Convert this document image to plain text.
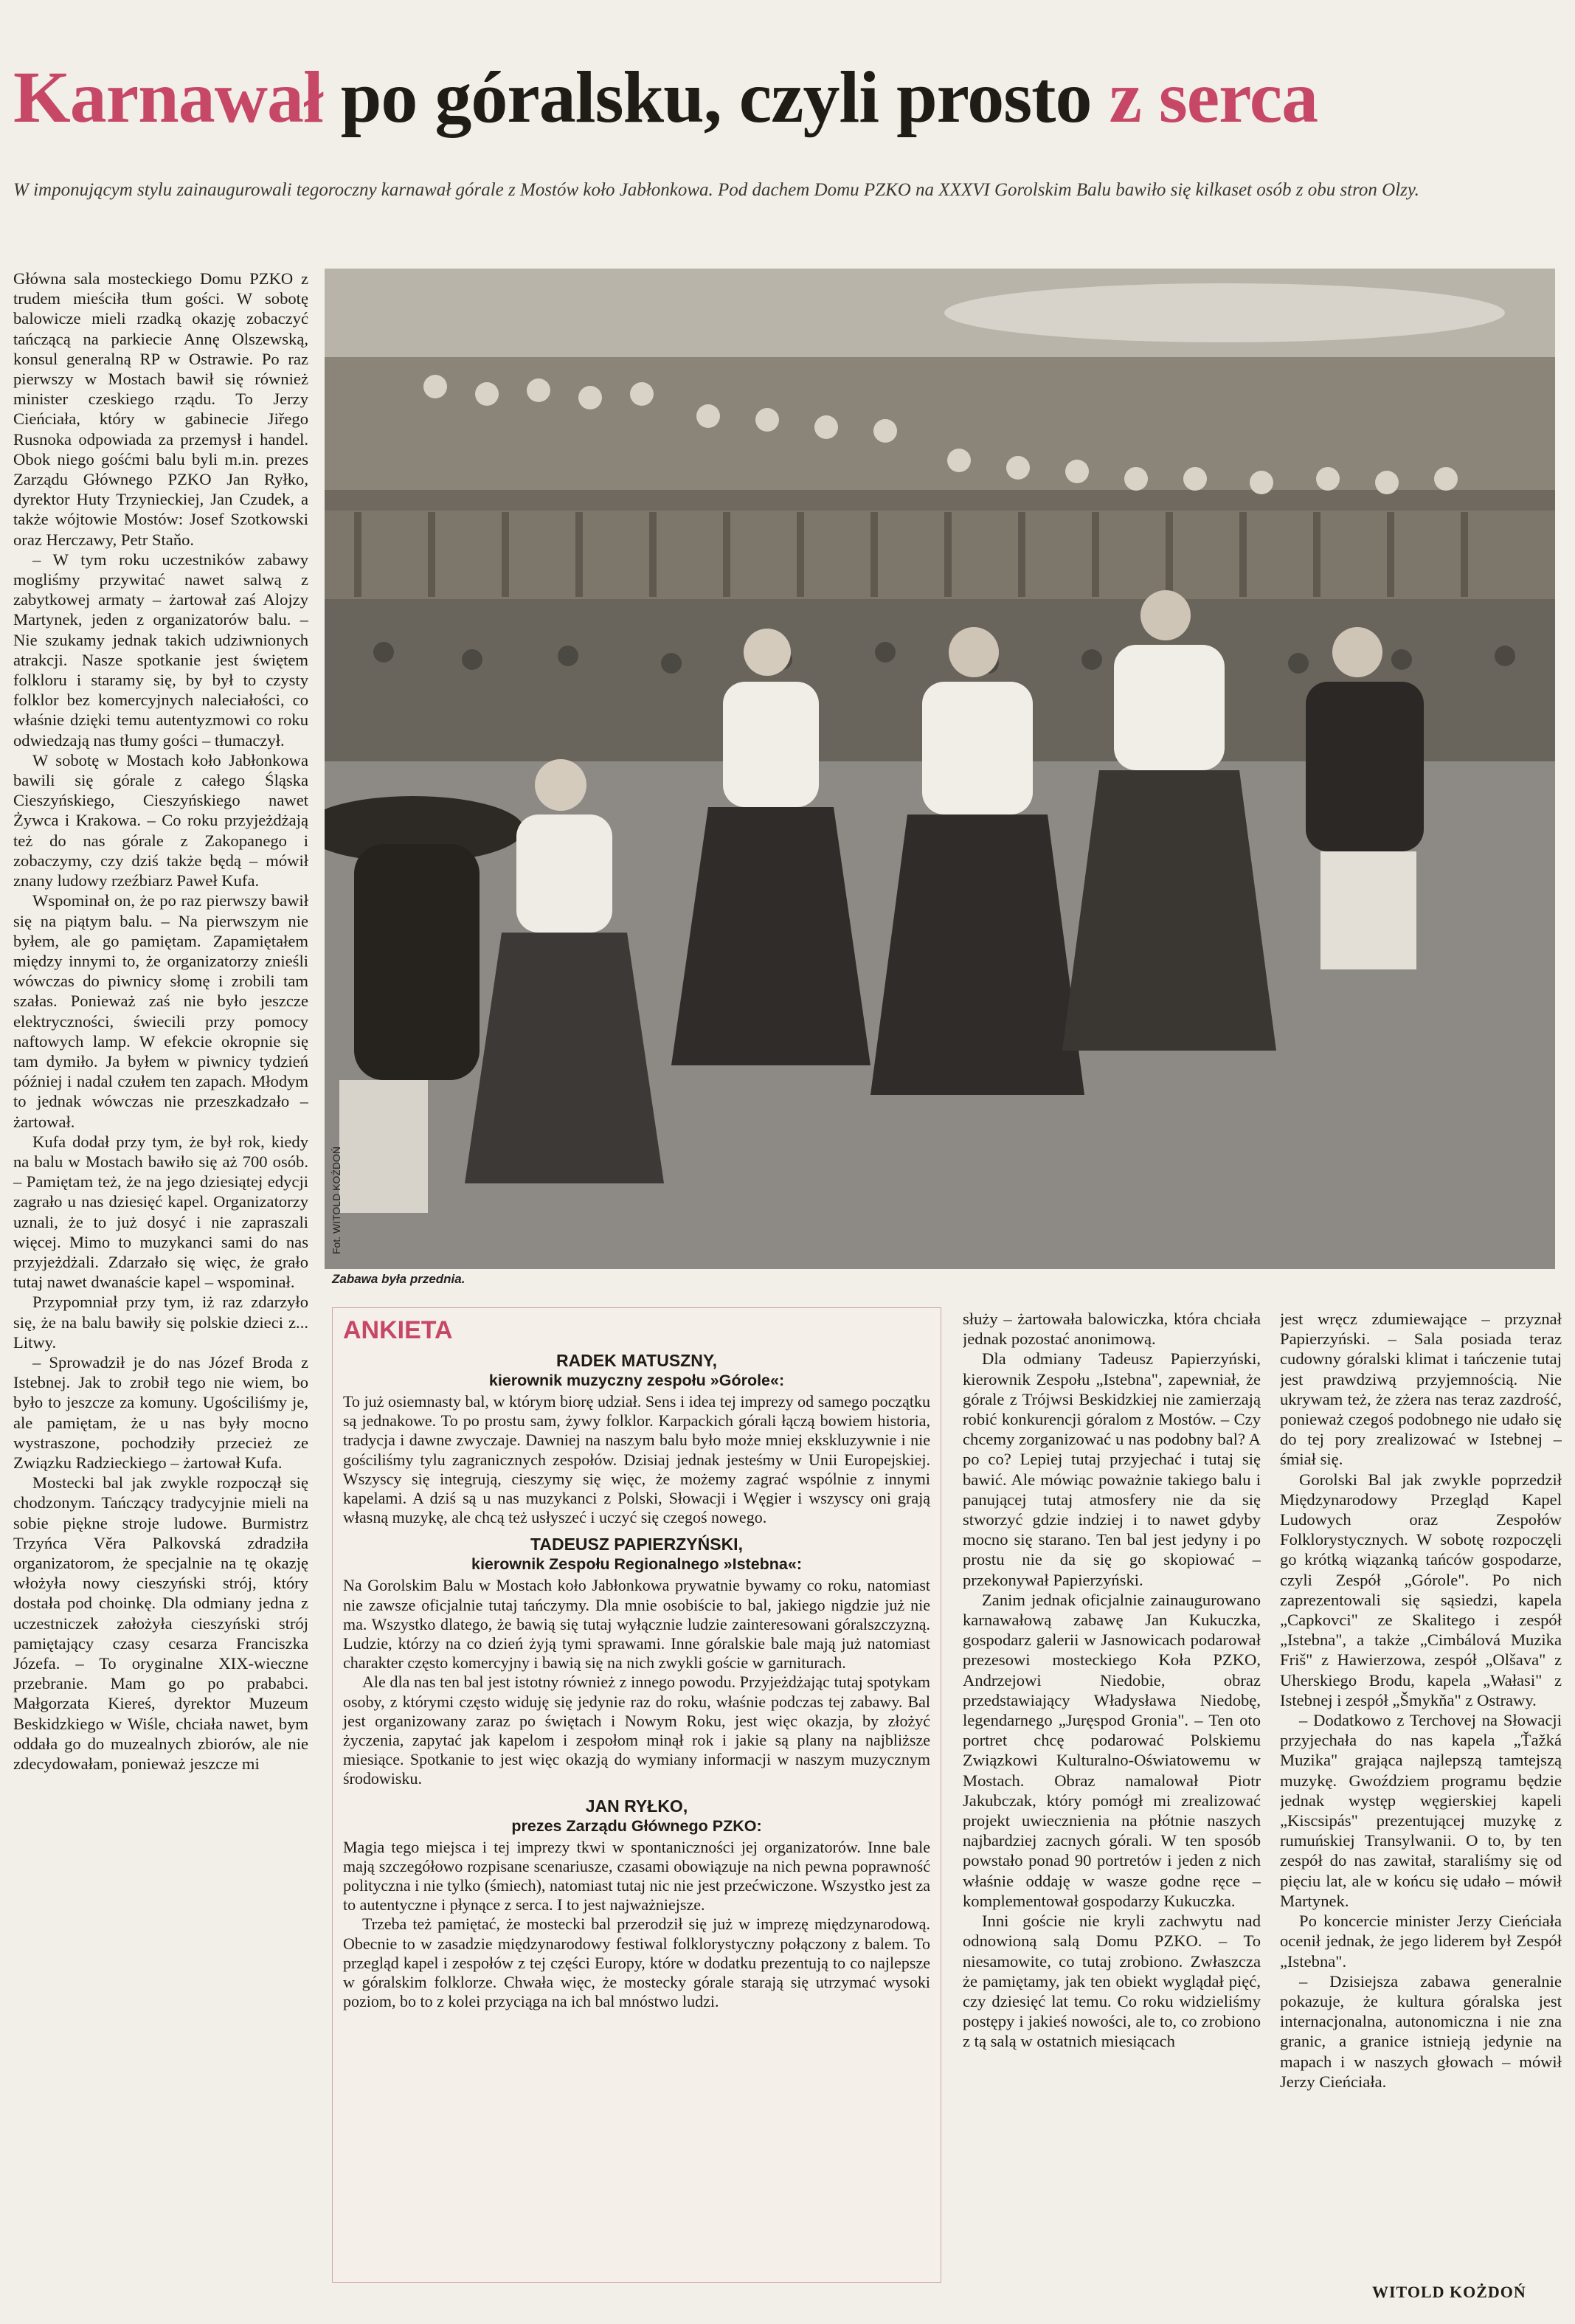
Karnawał po góralsku, czyli prosto z serca
W imponującym stylu zainaugurowali tegoroczny karnawał górale z Mostów koło Jabłonkowa. Pod dachem Domu PZKO na XXXVI Gorolskim Balu bawiło się kilkaset osób z obu stron Olzy.

Główna sala mosteckiego Domu PZKO z trudem mieściła tłum gości. W sobotę balowicze mieli rzadką okazję zobaczyć tańczącą na parkiecie Annę Olszewską, konsul generalną RP w Ostrawie. Po raz pierwszy w Mostach bawił się również minister czeskiego rządu. To Jerzy Cieńciała, który w gabinecie Jiřego Rusnoka odpowiada za przemysł i handel. Obok niego gośćmi balu byli m.in. prezes Zarządu Głównego PZKO Jan Ryłko, dyrektor Huty Trzynieckiej, Jan Czudek, a także wójtowie Mostów: Josef Szotkowski oraz Herczawy, Petr Staňo.

– W tym roku uczestników zabawy mogliśmy przywitać nawet salwą z zabytkowej armaty – żartował zaś Alojzy Martynek, jeden z organizatorów balu. – Nie szukamy jednak takich udziwnionych atrakcji. Nasze spotkanie jest świętem folkloru i staramy się, by był to czysty folklor bez komercyjnych naleciałości, co właśnie dzięki temu autentyzmowi co roku odwiedzają nas tłumy gości – tłumaczył.

W sobotę w Mostach koło Jabłonkowa bawili się górale z całego Śląska Cieszyńskiego, Cieszyńskiego nawet Żywca i Krakowa. – Co roku przyjeżdżają też do nas górale z Zakopanego i zobaczymy, czy dziś także będą – mówił znany ludowy rzeźbiarz Paweł Kufa.

Wspominał on, że po raz pierwszy bawił się na piątym balu. – Na pierwszym nie byłem, ale go pamiętam. Zapamiętałem między innymi to, że organizatorzy znieśli wówczas do piwnicy słomę i zrobili tam szałas. Ponieważ zaś nie było jeszcze elektryczności, świecili przy pomocy naftowych lamp. W efekcie okropnie się tam dymiło. Ja byłem w piwnicy tydzień później i nadal czułem ten zapach. Młodym to jednak wówczas nie przeszkadzało – żartował.

Kufa dodał przy tym, że był rok, kiedy na balu w Mostach bawiło się aż 700 osób. – Pamiętam też, że na jego dziesiątej edycji zagrało u nas dziesięć kapel. Organizatorzy uznali, że to już dosyć i nie zapraszali więcej. Mimo to muzykanci sami do nas przyjeżdżali. Zdarzało się więc, że grało tutaj nawet dwanaście kapel – wspominał.

Przypomniał przy tym, iż raz zdarzyło się, że na balu bawiły się polskie dzieci z... Litwy.

– Sprowadził je do nas Józef Broda z Istebnej. Jak to zrobił tego nie wiem, bo było to jeszcze za komuny. Ugościliśmy je, ale pamiętam, że u nas były mocno wystraszone, pochodziły przecież ze Związku Radzieckiego – żartował Kufa.

Mostecki bal jak zwykle rozpoczął się chodzonym. Tańczący tradycyjnie mieli na sobie piękne stroje ludowe. Burmistrz Trzyńca Věra Palkovská zdradziła organizatorom, że specjalnie na tę okazję włożyła nowy cieszyński strój, który dostała pod choinkę. Dla odmiany jedna z uczestniczek założyła cieszyński strój pamiętający czasy cesarza Franciszka Józefa. – To oryginalne XIX-wieczne przebranie. Mam go po prababci. Małgorzata Kiereś, dyrektor Muzeum Beskidzkiego w Wiśle, chciała nawet, bym oddała go do muzealnych zbiorów, ale nie zdecydowałam, ponieważ jeszcze mi

Fot. WITOLD KOŻDOŃ
Zabawa była przednia.
ANKIETA
RADEK MATUSZNY,
kierownik muzyczny zespołu »Górole«:

To już osiemnasty bal, w którym biorę udział. Sens i idea tej imprezy od samego początku są jednakowe. To po prostu sam, żywy folklor. Karpackich górali łączą bowiem historia, tradycja i dawne zwyczaje. Dawniej na naszym balu było może mniej ekskluzywnie i nie gościliśmy tylu zagranicznych zespołów. Dzisiaj jednak jesteśmy w Unii Europejskiej. Wszyscy się integrują, cieszymy się więc, że możemy zagrać wspólnie z innymi kapelami. A dziś są u nas muzykanci z Polski, Słowacji i Węgier i wszyscy oni grają własną muzykę, ale chcą też usłyszeć i uczyć się czegoś nowego.

TADEUSZ PAPIERZYŃSKI,
kierownik Zespołu Regionalnego »Istebna«:

Na Gorolskim Balu w Mostach koło Jabłonkowa prywatnie bywamy co roku, natomiast nie zawsze oficjalnie tutaj tańczymy. Dla mnie osobiście to bal, jakiego nigdzie już nie ma. Wszystko dlatego, że bawią się tutaj wyłącznie ludzie zainteresowani góralszczyzną. Ludzie, którzy na co dzień żyją tymi sprawami. Inne góralskie bale mają już natomiast charakter często komercyjny i bawią się na nich zwykli goście w garniturach.

Ale dla nas ten bal jest istotny również z innego powodu. Przyjeżdżając tutaj spotykam osoby, z którymi często widuję się jedynie raz do roku, właśnie podczas tej zabawy. Bal jest organizowany zaraz po świętach i Nowym Roku, jest więc okazja, by złożyć życzenia, zapytać jak kapelom i zespołom minął rok i jakie są plany na najbliższe miesiące. Spotkanie to jest więc okazją do wymiany informacji w naszym muzycznym środowisku.

JAN RYŁKO,
prezes Zarządu Głównego PZKO:

Magia tego miejsca i tej imprezy tkwi w spontaniczności jej organizatorów. Inne bale mają szczegółowo rozpisane scenariusze, czasami obowiązuje na nich pewna poprawność polityczna i nie tylko (śmiech), natomiast tutaj nic nie jest przećwiczone. Wszystko jest za to autentyczne i płynące z serca. I to jest najważniejsze.

Trzeba też pamiętać, że mostecki bal przerodził się już w imprezę międzynarodową. Obecnie to w zasadzie międzynarodowy festiwal folklorystyczny połączony z balem. To przegląd kapel i zespołów z tej części Europy, które w dodatku prezentują to co najlepsze w góralskim folklorze. Chwała więc, że mostecky górale starają się utrzymać wysoki poziom, bo to z kolei przyciąga na ich bal mnóstwo ludzi.

służy – żartowała balowiczka, która chciała jednak pozostać anonimową.

Dla odmiany Tadeusz Papierzyński, kierownik Zespołu „Istebna", zapewniał, że górale z Trójwsi Beskidzkiej nie zamierzają robić konkurencji góralom z Mostów. – Czy chcemy zorganizować u nas podobny bal? A po co? Lepiej tutaj przyjechać i tutaj się bawić. Ale mówiąc poważnie takiego balu i panującej tutaj atmosfery nie da się stworzyć gdzie indziej i to nawet gdyby mocno się starano. Ten bal jest jedyny i po prostu nie da się go skopiować – przekonywał Papierzyński.

Zanim jednak oficjalnie zainaugurowano karnawałową zabawę Jan Kukuczka, gospodarz galerii w Jasnowicach podarował prezesowi mosteckiego Koła PZKO, Andrzejowi Niedobie, obraz przedstawiający Władysława Niedobę, legendarnego „Juręspod Gronia". – Ten oto portret chcę podarować Polskiemu Związkowi Kulturalno-Oświatowemu w Mostach. Obraz namalował Piotr Jakubczak, który pomógł mi zrealizować projekt uwiecznienia na płótnie naszych najbardziej zacnych górali. W ten sposób powstało ponad 90 portretów i jeden z nich właśnie oddaję w wasze godne ręce – komplementował gospodarzy Kukuczka.

Inni goście nie kryli zachwytu nad odnowioną salą Domu PZKO. – To niesamowite, co tutaj zrobiono. Zwłaszcza że pamiętamy, jak ten obiekt wyglądał pięć, czy dziesięć lat temu. Co roku widzieliśmy postępy i jakieś nowości, ale to, co zrobiono z tą salą w ostatnich miesiącach

jest wręcz zdumiewające – przyznał Papierzyński. – Sala posiada teraz cudowny góralski klimat i tańczenie tutaj jest prawdziwą przyjemnością. Nie ukrywam też, że zżera nas teraz zazdrość, ponieważ czegoś podobnego nie udało się do tej pory zrealizować w Istebnej – śmiał się.

Gorolski Bal jak zwykle poprzedził Międzynarodowy Przegląd Kapel Ludowych oraz Zespołów Folklorystycznych. W sobotę rozpoczęli go krótką wiązanką tańców gospodarze, czyli Zespół „Górole". Po nich zaprezentowali się sąsiedzi, kapela „Capkovci" ze Skalitego i zespół „Istebna", a także „Cimbálová Muzika Friš" z Hawierzowa, zespół „Olšava" z Uherskiego Brodu, kapela „Wałasi" z Istebnej i zespół „Šmykňa" z Ostrawy.

– Dodatkowo z Terchovej na Słowacji przyjechała do nas kapela „Ťažká Muzika" grająca najlepszą tamtejszą muzykę. Gwoździem programu będzie jednak występ węgierskiej kapeli „Kiscsipás" prezentującej muzykę z rumuńskiej Transylwanii. O to, by ten zespół do nas zawitał, staraliśmy się od pięciu lat, ale w końcu się udało – mówił Martynek.

Po koncercie minister Jerzy Cieńciała ocenił jednak, że jego liderem był Zespół „Istebna".

– Dzisiejsza zabawa generalnie pokazuje, że kultura góralska jest internacjonalna, autonomiczna i nie zna granic, a granice istnieją jedynie na mapach i w naszych głowach – mówił Jerzy Cieńciała.

WITOLD KOŻDOŃ
